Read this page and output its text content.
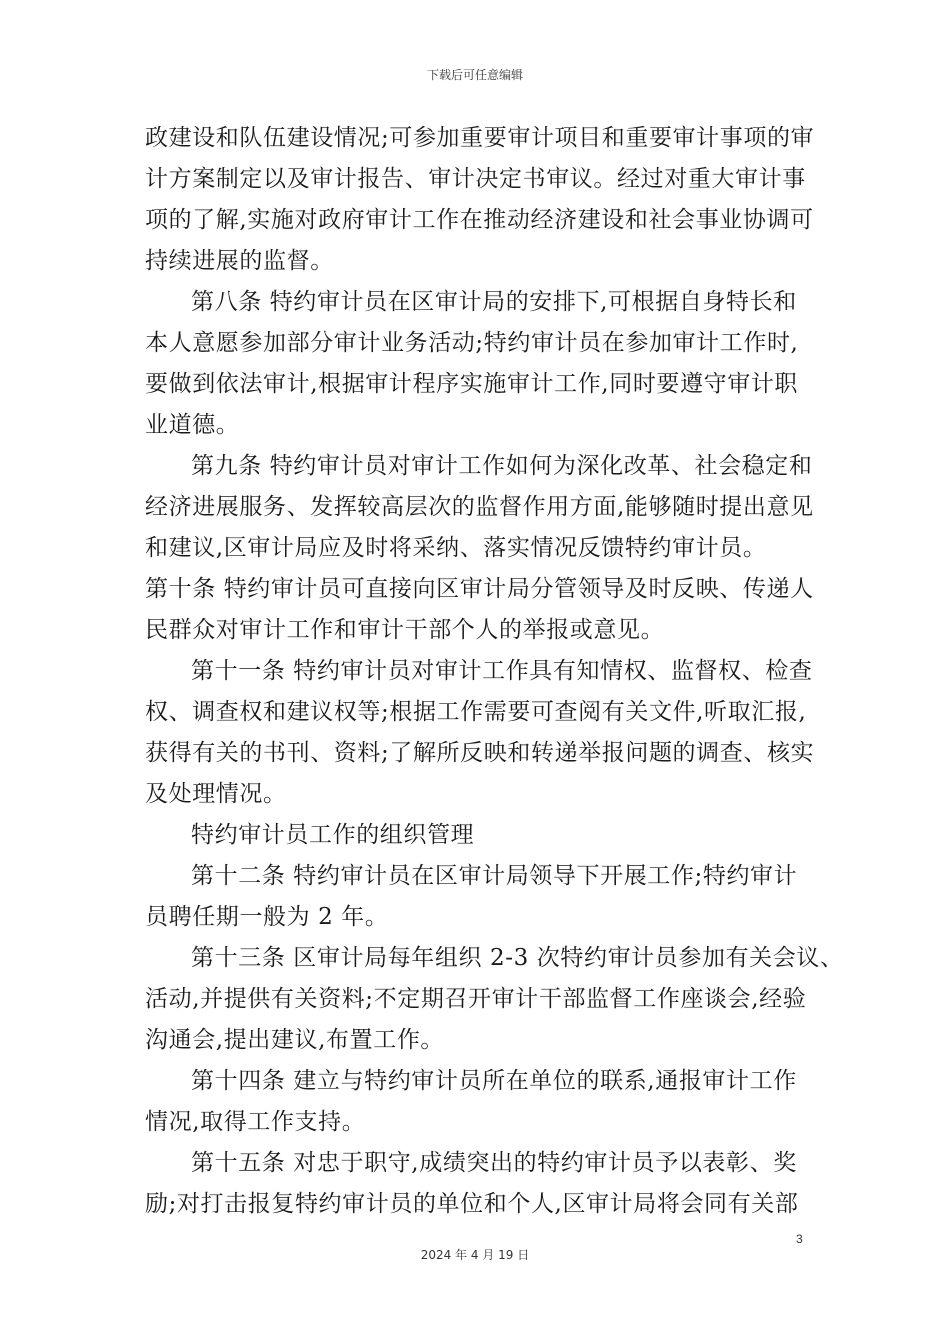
下载后可任意编辑
政建设和队伍建设情况;可参加重要审计项目和重要审计事项的审
计方案制定以及审计报告、审计决定书审议。经过对重大审计事
项的了解,实施对政府审计工作在推动经济建设和社会事业协调可
持续进展的监督。
第八条 特约审计员在区审计局的安排下,可根据自身特长和
本人意愿参加部分审计业务活动;特约审计员在参加审计工作时,
要做到依法审计,根据审计程序实施审计工作,同时要遵守审计职
业道德。
第九条 特约审计员对审计工作如何为深化改革、社会稳定和
经济进展服务、发挥较高层次的监督作用方面,能够随时提出意见
和建议,区审计局应及时将采纳、落实情况反馈特约审计员。
第十条 特约审计员可直接向区审计局分管领导及时反映、传递人
民群众对审计工作和审计干部个人的举报或意见。
第十一条 特约审计员对审计工作具有知情权、监督权、检查
权、调查权和建议权等;根据工作需要可查阅有关文件,听取汇报,
获得有关的书刊、资料;了解所反映和转递举报问题的调查、核实
及处理情况。
特约审计员工作的组织管理
第十二条 特约审计员在区审计局领导下开展工作;特约审计
员聘任期一般为 2 年。
第十三条 区审计局每年组织 2-3 次特约审计员参加有关会议、
活动,并提供有关资料;不定期召开审计干部监督工作座谈会,经验
沟通会,提出建议,布置工作。
第十四条 建立与特约审计员所在单位的联系,通报审计工作
情况,取得工作支持。
第十五条 对忠于职守,成绩突出的特约审计员予以表彰、奖
励;对打击报复特约审计员的单位和个人,区审计局将会同有关部
3
2024 年 4 月 19 日
